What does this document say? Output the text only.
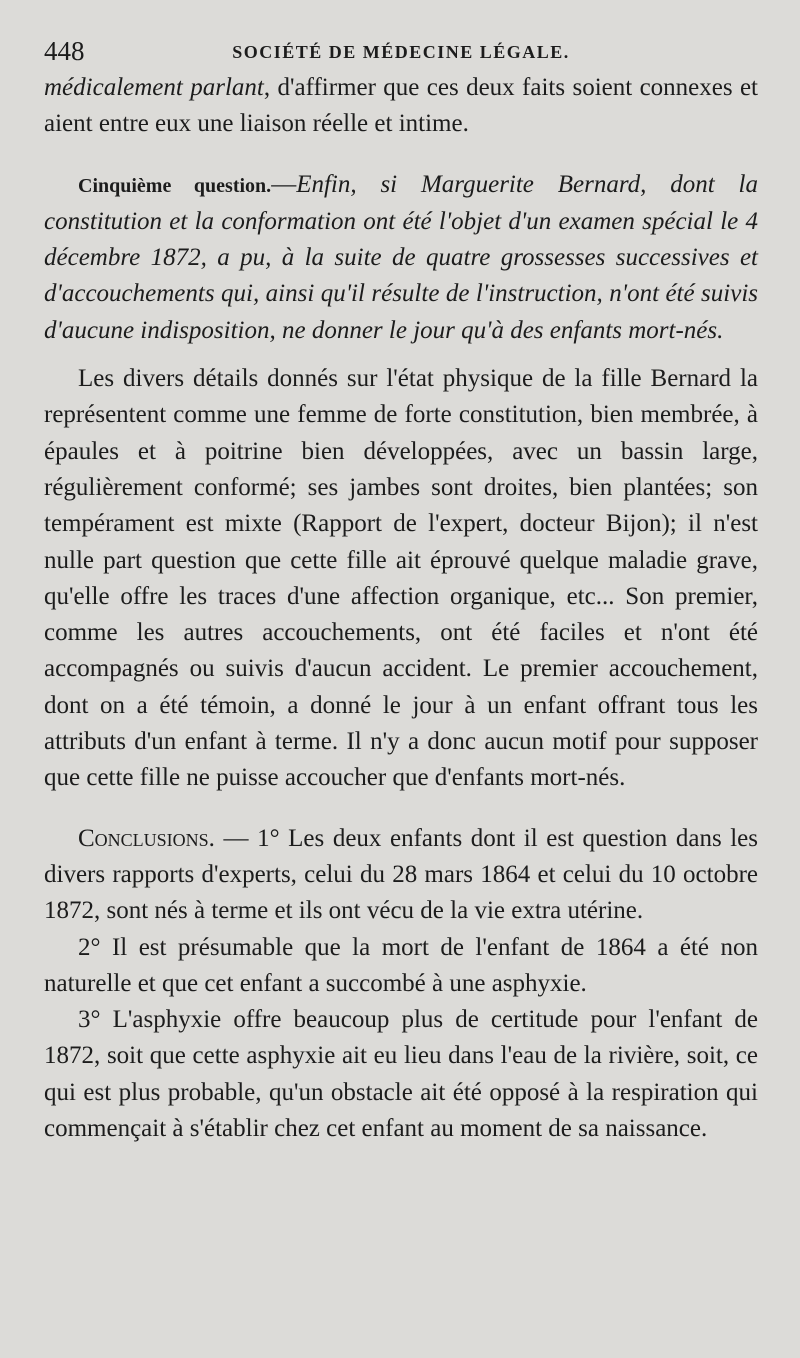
448	SOCIÉTÉ DE MÉDECINE LÉGALE.

médicalement parlant, d'affirmer que ces deux faits soient connexes et aient entre eux une liaison réelle et intime.

Cinquième question.—Enfin, si Marguerite Bernard, dont la constitution et la conformation ont été l'objet d'un examen spécial le 4 décembre 1872, a pu, à la suite de quatre grossesses successives et d'accouchements qui, ainsi qu'il résulte de l'instruction, n'ont été suivis d'aucune indisposition, ne donner le jour qu'à des enfants mort-nés.

Les divers détails donnés sur l'état physique de la fille Bernard la représentent comme une femme de forte constitution, bien membrée, à épaules et à poitrine bien développées, avec un bassin large, régulièrement conformé; ses jambes sont droites, bien plantées; son tempérament est mixte (Rapport de l'expert, docteur Bijon); il n'est nulle part question que cette fille ait éprouvé quelque maladie grave, qu'elle offre les traces d'une affection organique, etc... Son premier, comme les autres accouchements, ont été faciles et n'ont été accompagnés ou suivis d'aucun accident. Le premier accouchement, dont on a été témoin, a donné le jour à un enfant offrant tous les attributs d'un enfant à terme. Il n'y a donc aucun motif pour supposer que cette fille ne puisse accoucher que d'enfants mort-nés.

Conclusions. — 1° Les deux enfants dont il est question dans les divers rapports d'experts, celui du 28 mars 1864 et celui du 10 octobre 1872, sont nés à terme et ils ont vécu de la vie extra utérine.

2° Il est présumable que la mort de l'enfant de 1864 a été non naturelle et que cet enfant a succombé à une asphyxie.

3° L'asphyxie offre beaucoup plus de certitude pour l'enfant de 1872, soit que cette asphyxie ait eu lieu dans l'eau de la rivière, soit, ce qui est plus probable, qu'un obstacle ait été opposé à la respiration qui commençait à s'établir chez cet enfant au moment de sa naissance.
